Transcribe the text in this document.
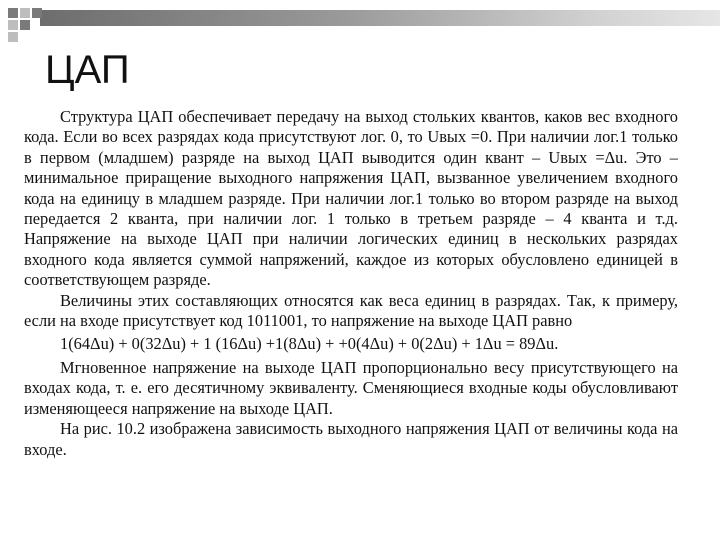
ЦАП

Структура ЦАП обеспечивает передачу на выход стольких квантов, каков вес входного кода. Если во всех разрядах кода присутствуют лог. 0, то Uвых =0. При наличии лог.1 только в первом (младшем) разряде на выход ЦАП выводится один квант – Uвых =Δu. Это – минимальное приращение выходного напряжения ЦАП, вызванное увеличением входного кода на единицу в младшем разряде. При наличии лог.1 только во втором разряде на выход передается 2 кванта, при наличии лог. 1 только в третьем разряде – 4 кванта и т.д. Напряжение на выходе ЦАП при наличии логических единиц в нескольких разрядах входного кода является суммой напряжений, каждое из которых обусловлено единицей в соответствующем разряде.

Величины этих составляющих относятся как веса единиц в разрядах. Так, к примеру, если на входе присутствует код 1011001, то напряжение на выходе ЦАП равно

1(64Δu) + 0(32Δu) + 1 (16Δu) +1(8Δu) + +0(4Δu) + 0(2Δu) + 1Δu = 89Δu.

Мгновенное напряжение на выходе ЦАП пропорционально весу присутствующего на входах кода, т. е. его десятичному эквиваленту. Сменяющиеся входные коды обусловливают изменяющееся напряжение на выходе ЦАП.

На рис. 10.2 изображена зависимость выходного напряжения ЦАП от величины кода на входе.
